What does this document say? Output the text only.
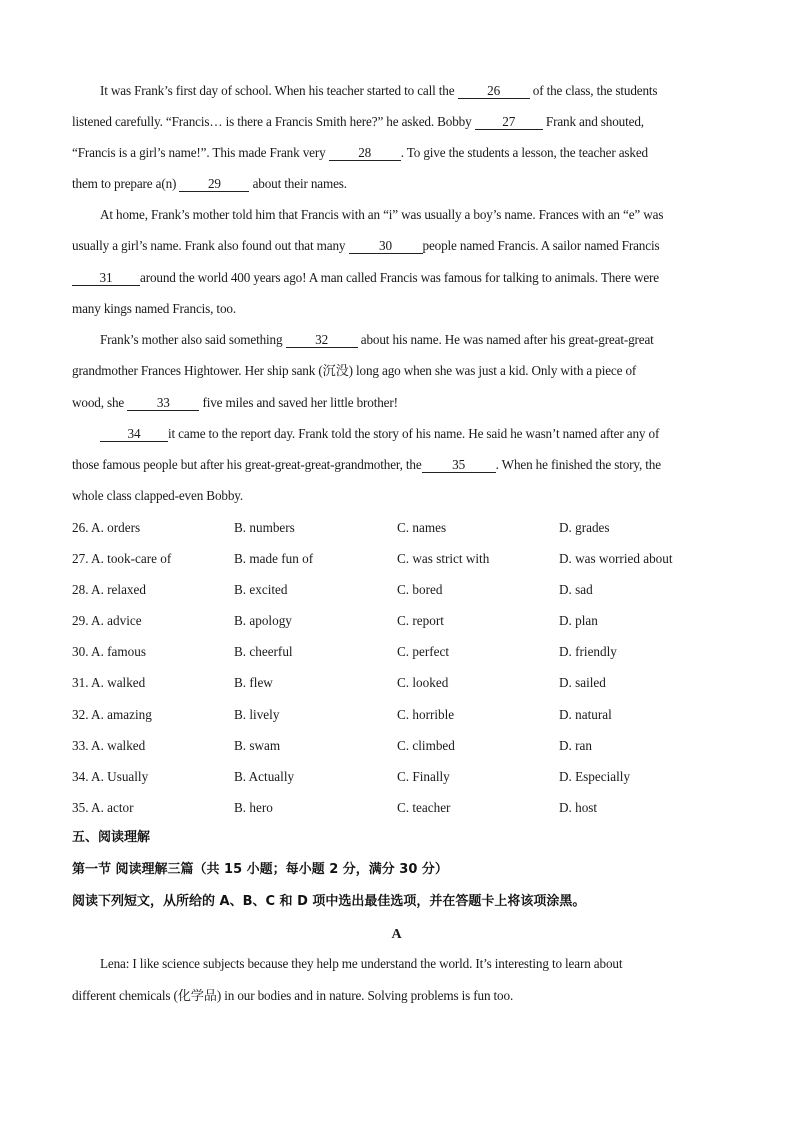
It was Frank’s first day of school. When his teacher started to call the 26 of the class, the students
listened carefully. “Francis… is there a Francis Smith here?” he asked. Bobby 27 Frank and shouted,
“Francis is a girl’s name!”. This made Frank very 28 . To give the students a lesson, the teacher asked
them to prepare a(n) 29 about their names.
At home, Frank’s mother told him that Francis with an “i” was usually a boy’s name. Frances with an “e” was
usually a girl’s name. Frank also found out that many	30 people named Francis. A sailor named Francis
31 around the world 400 years ago! A man called Francis was famous for talking to animals. There were
many kings named Francis, too.
Frank’s mother also said something 32 about his name. He was named after his great-great-great
grandmother Frances Hightower. Her ship sank (沉没) long ago when she was just a kid. Only with a piece of
wood, she 33 five miles and saved her little brother!
34 it came to the report day. Frank told the story of his name. He said he wasn’t named after any of
those famous people but after his great-great-great-grandmother, the 35 . When he finished the story, the
whole class clapped-even Bobby.
26. A. orders	B. numbers	C. names	D. grades
27. A. took-care of	B. made fun of	C. was strict with	D. was worried about
28. A. relaxed	B. excited	C. bored	D. sad
29. A. advice	B. apology	C. report	D. plan
30. A. famous	B. cheerful	C. perfect	D. friendly
31. A. walked	B. flew	C. looked	D. sailed
32. A. amazing	B. lively	C. horrible	D. natural
33. A. walked	B. swam	C. climbed	D. ran
34. A. Usually	B. Actually	C. Finally	D. Especially
35. A. actor	B. hero	C. teacher	D. host
五、阅读理解
第一节 阅读理解三篇（共 15 小题；每小题 2 分，满分 30 分）
阅读下列短文，从所给的 A、B、C 和 D 项中选出最佳选项，并在答题卡上将该项涂黑。
A
Lena: I like science subjects because they help me understand the world. It’s interesting to learn about
different chemicals (化学品) in our bodies and in nature. Solving problems is fun too.
